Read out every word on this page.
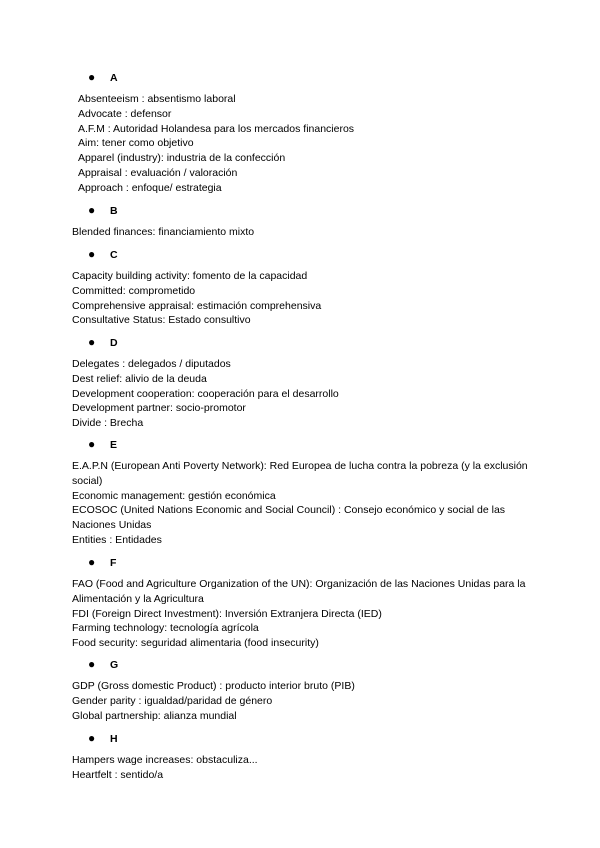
● A
Absenteeism : absentismo laboral
Advocate : defensor
A.F.M : Autoridad Holandesa para los mercados financieros
Aim: tener como objetivo
Apparel (industry): industria de la confección
Appraisal : evaluación / valoración
Approach : enfoque/ estrategia
● B
Blended finances: financiamiento mixto
● C
Capacity building activity: fomento de la capacidad
Committed: comprometido
Comprehensive appraisal: estimación comprehensiva
Consultative Status: Estado consultivo
● D
Delegates : delegados / diputados
Dest relief: alivio de la deuda
Development cooperation: cooperación para el desarrollo
Development partner: socio-promotor
Divide : Brecha
● E
E.A.P.N (European Anti Poverty Network): Red Europea de lucha contra la pobreza (y la exclusión social)
Economic management: gestión económica
ECOSOC (United Nations Economic and Social Council) : Consejo económico y social de las Naciones Unidas
Entities : Entidades
● F
FAO (Food and Agriculture Organization of the UN): Organización de las Naciones Unidas para la Alimentación y la Agricultura
FDI (Foreign Direct Investment): Inversión Extranjera Directa (IED)
Farming technology: tecnología agrícola
Food security: seguridad alimentaria (food insecurity)
● G
GDP (Gross domestic Product) : producto interior bruto (PIB)
Gender parity : igualdad/paridad de género
Global partnership: alianza mundial
● H
Hampers wage increases: obstaculiza...
Heartfelt : sentido/a
